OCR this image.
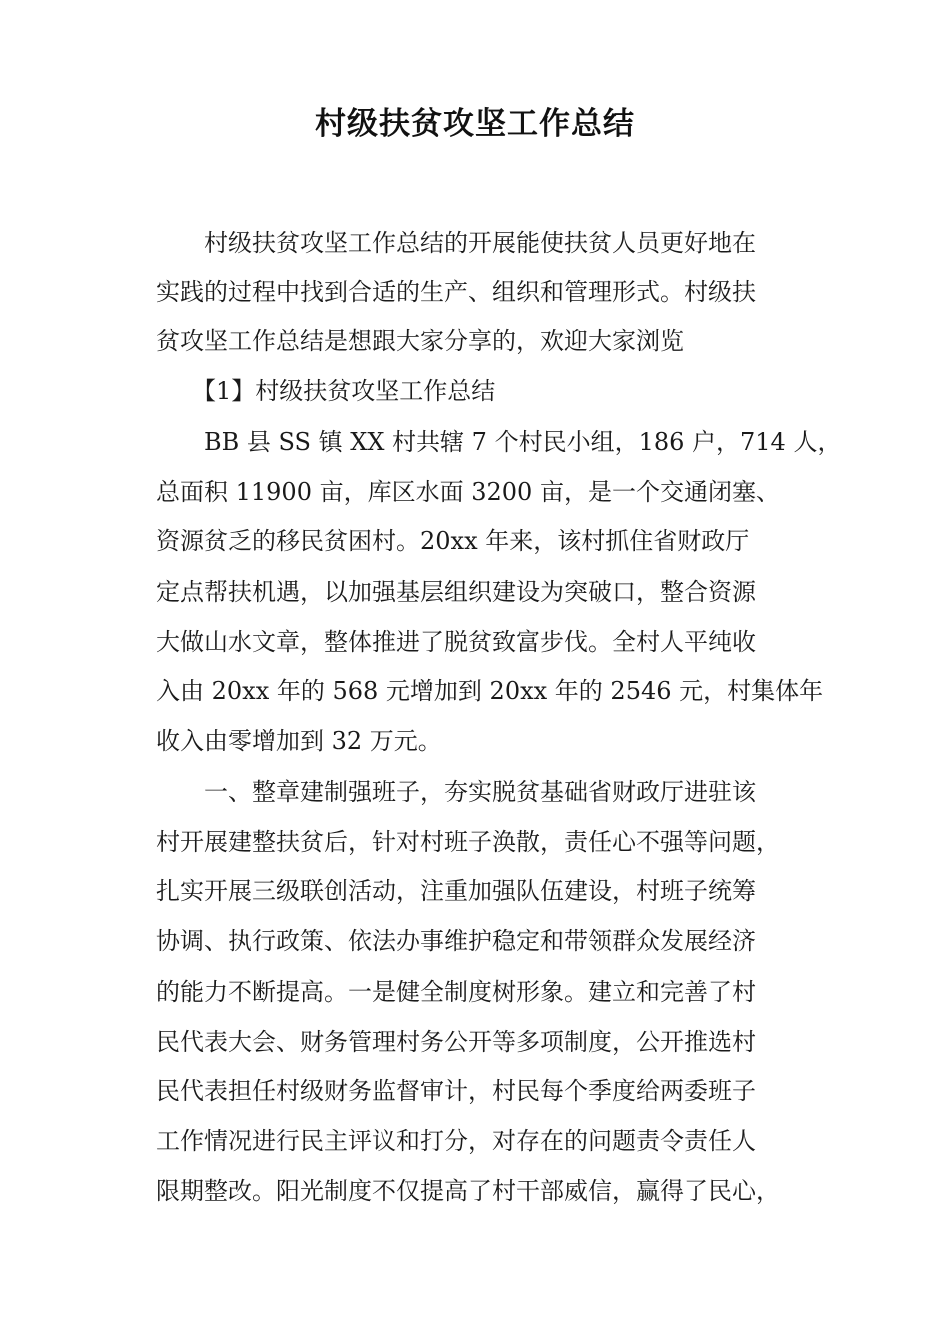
村级扶贫攻坚工作总结
　　村级扶贫攻坚工作总结的开展能使扶贫人员更好地在
实践的过程中找到合适的生产、组织和管理形式。村级扶
贫攻坚工作总结是想跟大家分享的，欢迎大家浏览
　　【1】村级扶贫攻坚工作总结
　　BB 县 SS 镇 XX 村共辖 7 个村民小组，186 户，714 人，
总面积 11900 亩，库区水面 3200 亩，是一个交通闭塞、
资源贫乏的移民贫困村。20xx 年来，该村抓住省财政厅
定点帮扶机遇，以加强基层组织建设为突破口，整合资源
大做山水文章，整体推进了脱贫致富步伐。全村人平纯收
入由 20xx 年的 568 元增加到 20xx 年的 2546 元，村集体年
收入由零增加到 32 万元。
　　一、整章建制强班子，夯实脱贫基础省财政厅进驻该
村开展建整扶贫后，针对村班子涣散，责任心不强等问题，
扎实开展三级联创活动，注重加强队伍建设，村班子统筹
协调、执行政策、依法办事维护稳定和带领群众发展经济
的能力不断提高。一是健全制度树形象。建立和完善了村
民代表大会、财务管理村务公开等多项制度，公开推选村
民代表担任村级财务监督审计，村民每个季度给两委班子
工作情况进行民主评议和打分，对存在的问题责令责任人
限期整改。阳光制度不仅提高了村干部威信，赢得了民心，
